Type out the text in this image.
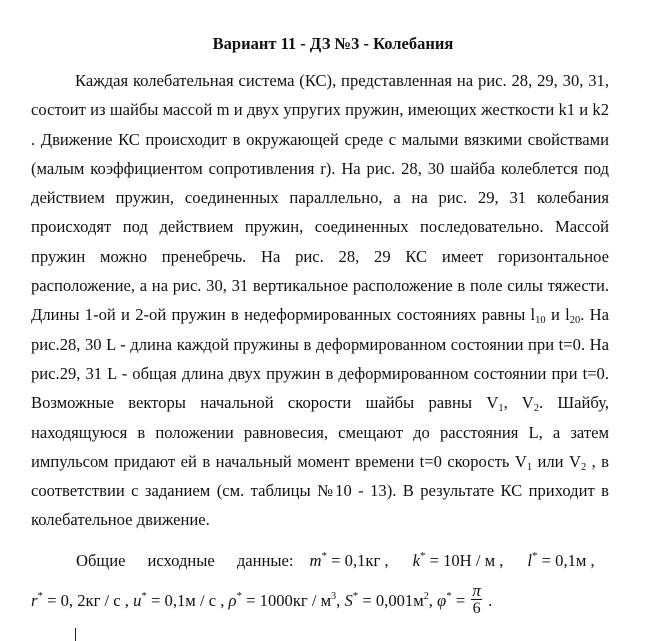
Вариант 11 - ДЗ №3 - Колебания

Каждая колебательная система (КС), представленная на рис. 28, 29, 30, 31, состоит из шайбы массой m и двух упругих пружин, имеющих жесткости k1 и k2 . Движение КС происходит в окружающей среде с малыми вязкими свойствами (малым коэффициентом сопротивления r). На рис. 28, 30 шайба колеблется под действием пружин, соединенных параллельно, а на рис. 29, 31 колебания происходят под действием пружин, соединенных последовательно. Массой пружин можно пренебречь. На рис. 28, 29 КС имеет горизонтальное расположение, а на рис. 30, 31 вертикальное расположение в поле силы тяжести. Длины 1-ой и 2-ой пружин в недеформированных состояниях равны $l_{10}$ и $l_{20}$. На рис.28, 30 L - длина каждой пружины в деформированном состоянии при t=0. На рис.29, 31 L - общая длина двух пружин в деформированном состоянии при t=0. Возможные векторы начальной скорости шайбы равны $V_1$, $V_2$. Шайбу, находящуюся в положении равновесия, смещают до расстояния L, а затем импульсом придают ей в начальный момент времени t=0 скорость $V_1$ или $V_2$ , в соответствии с заданием (см. таблицы №10 - 13). В результате КС приходит в колебательное движение.

Общие исходные данные: m* = 0,1кг , k* = 10Н / м , l* = 0,1м ,
r* = 0, 2кг / с , u* = 0,1м / с , $\rho^* = 1000кг / м^3$, $S^* = 0,001м^2$, $\varphi^* = \frac{\pi}{6}$ .
